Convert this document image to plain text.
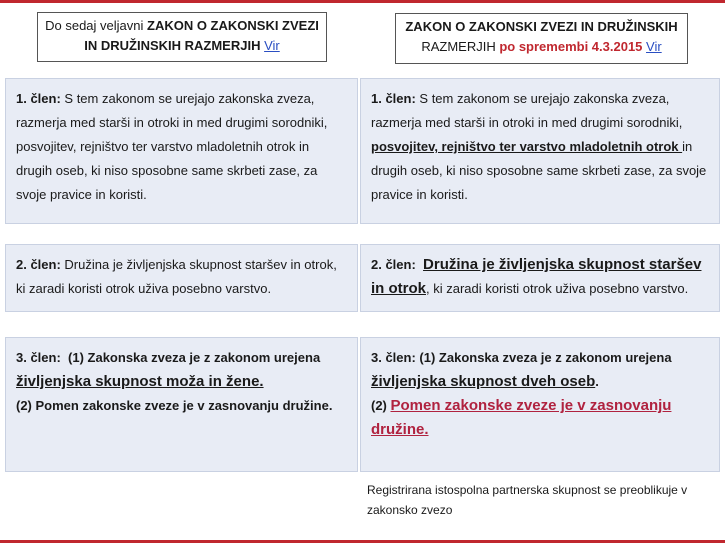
Do sedaj veljavni ZAKON O ZAKONSKI ZVEZI IN DRUŽINSKIH RAZMERJIH Vir
ZAKON O ZAKONSKI ZVEZI IN DRUŽINSKIH
RAZMERJIH po spremembi 4.3.2015 Vir
1. člen: S tem zakonom se urejajo zakonska zveza, razmerja med starši in otroki in med drugimi sorodniki, posvojitev, rejništvo ter varstvo mladoletnih otrok in drugih oseb, ki niso sposobne same skrbeti zase, za svoje pravice in koristi.
1. člen: S tem zakonom se urejajo zakonska zveza, razmerja med starši in otroki in med drugimi sorodniki, posvojitev, rejništvo ter varstvo mladoletnih otrok in drugih oseb, ki niso sposobne same skrbeti zase, za svoje pravice in koristi.
2. člen: Družina je življenjska skupnost staršev in otrok, ki zaradi koristi otrok uživa posebno varstvo.
2. člen: Družina je življenjska skupnost staršev in otrok, ki zaradi koristi otrok uživa posebno varstvo.
3. člen: (1) Zakonska zveza je z zakonom urejena življenjska skupnost moža in žene.
(2) Pomen zakonske zveze je v zasnovanju družine.
3. člen: (1) Zakonska zveza je z zakonom urejena življenjska skupnost dveh oseb.
(2) Pomen zakonske zveze je v zasnovanju družine.
Registrirana istospolna partnerska skupnost se preoblikuje v zakonsko zvezo
